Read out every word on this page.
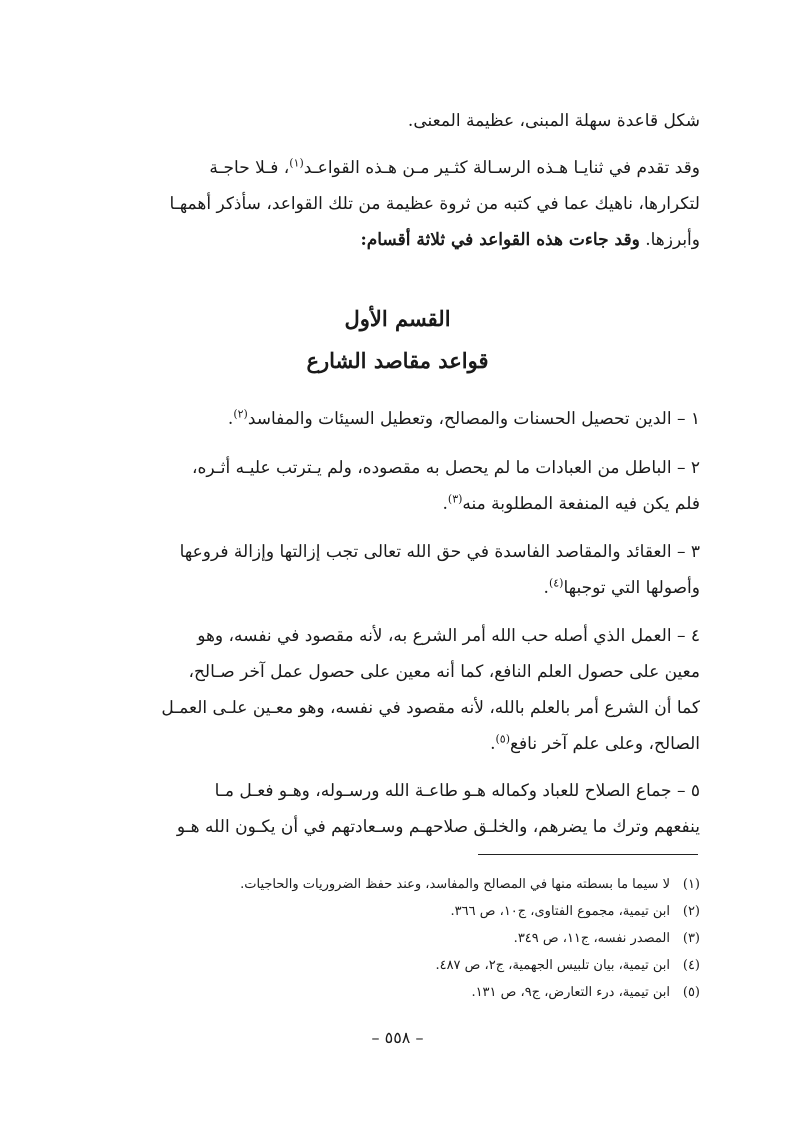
شكل قاعدة سهلة المبنى، عظيمة المعنى.
وقد تقدم في ثنايـا هـذه الرسـالة كثـير مـن هـذه القواعـد$^{(١)}$، فـلا حاجـة
لتكرارها، ناهيك عما في كتبه من ثروة عظيمة من تلك القواعد، سأذكر أهمهـا
وأبرزها. وقد جاءت هذه القواعد في ثلاثة أقسام:
القسم الأول
قواعد مقاصد الشارع
١ – الدين تحصيل الحسنات والمصالح، وتعطيل السيئات والمفاسد$^{(٢)}$.
٢ – الباطل من العبادات ما لم يحصل به مقصوده، ولم يـترتب عليـه أثـره،
فلم يكن فيه المنفعة المطلوبة منه$^{(٣)}$.
٣ – العقائد والمقاصد الفاسدة في حق الله تعالى تجب إزالتها وإزالة فروعها
وأصولها التي توجبها$^{(٤)}$.
٤ – العمل الذي أصله حب الله أمر الشرع به، لأنه مقصود في نفسه، وهو
معين على حصول العلم النافع، كما أنه معين على حصول عمل آخر صـالح،
كما أن الشرع أمر بالعلم بالله، لأنه مقصود في نفسه، وهو معـين علـى العمـل
الصالح، وعلى علم آخر نافع$^{(٥)}$.
٥ – جماع الصلاح للعباد وكماله هـو طاعـة الله ورسـوله، وهـو فعـل مـا
ينفعهم وترك ما يضرهم، والخلـق صلاحهـم وسـعادتهم في أن يكـون الله هـو
(١)لا سيما ما بسطته منها في المصالح والمفاسد، وعند حفظ الضروريات والحاجيات.
(٢)ابن تيمية، مجموع الفتاوى، ج١٠، ص ٣٦٦.
(٣)المصدر نفسه، ج١١، ص ٣٤٩.
(٤)ابن تيمية، بيان تلبيس الجهمية، ج٢، ص ٤٨٧.
(٥)ابن تيمية، درء التعارض، ج٩، ص ١٣١.
– ٥٥٨ –
